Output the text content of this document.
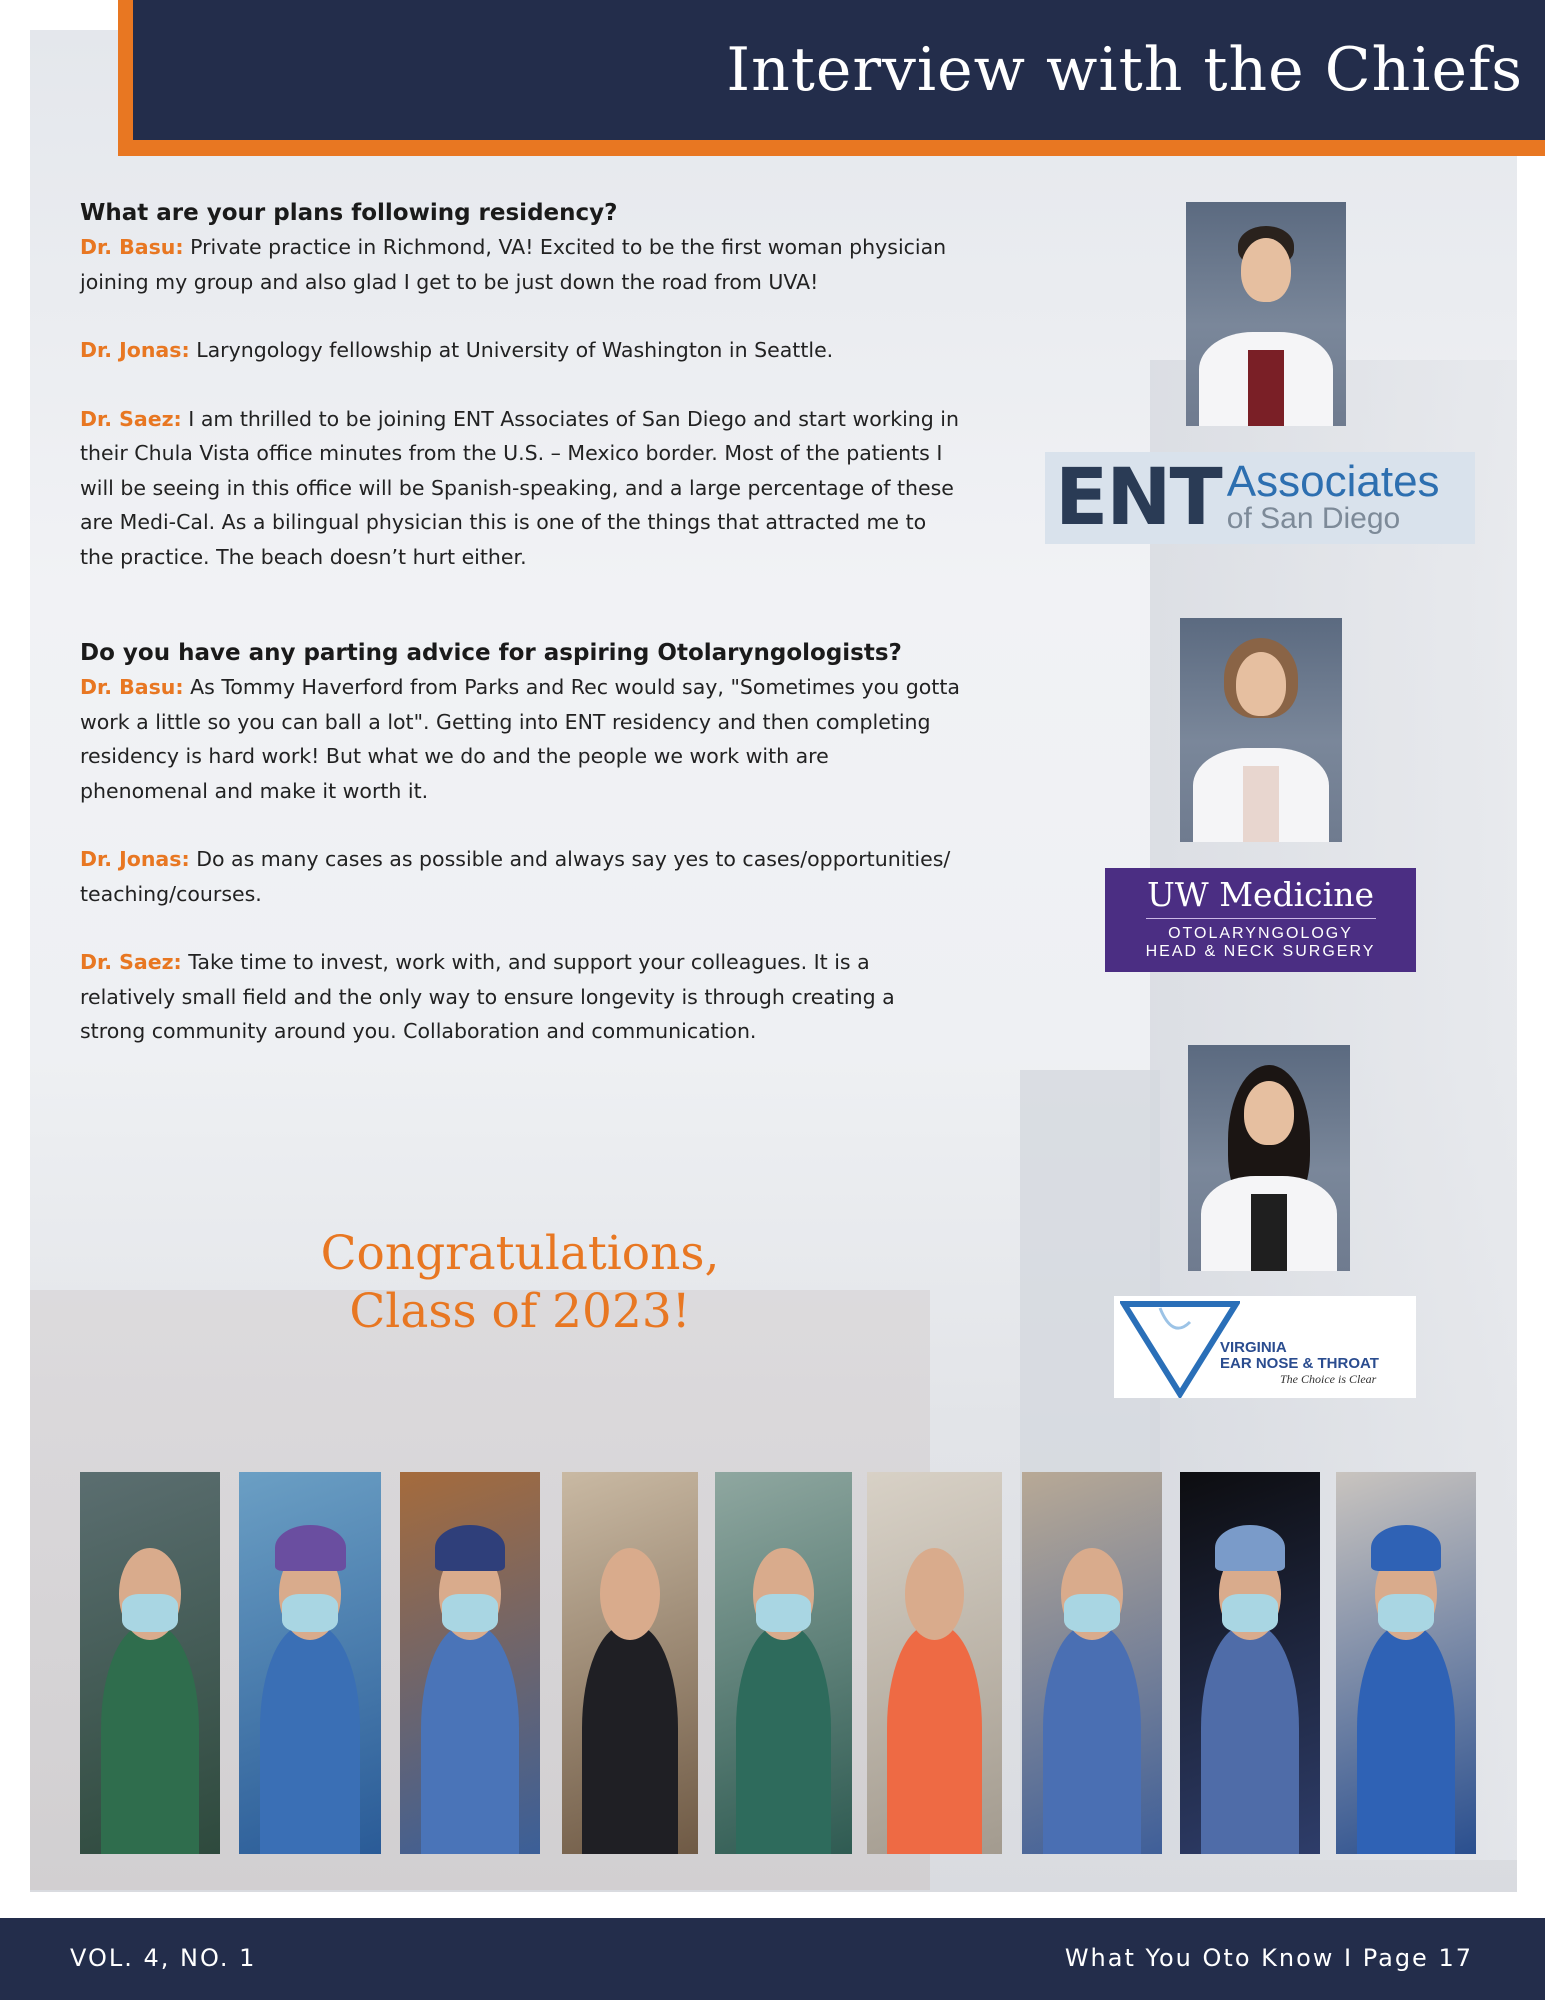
Interview with the Chiefs

What are your plans following residency?

Dr. Basu: Private practice in Richmond, VA! Excited to be the first woman physician joining my group and also glad I get to be just down the road from UVA!

Dr. Jonas: Laryngology fellowship at University of Washington in Seattle.

Dr. Saez: I am thrilled to be joining ENT Associates of San Diego and start working in their Chula Vista office minutes from the U.S. – Mexico border. Most of the patients I will be seeing in this office will be Spanish-speaking, and a large percentage of these are Medi-Cal. As a bilingual physician this is one of the things that attracted me to the practice. The beach doesn’t hurt either.

Do you have any parting advice for aspiring Otolaryngologists?

Dr. Basu: As Tommy Haverford from Parks and Rec would say, "Sometimes you gotta work a little so you can ball a lot". Getting into ENT residency and then completing residency is hard work! But what we do and the people we work with are phenomenal and make it worth it.

Dr. Jonas: Do as many cases as possible and always say yes to cases/opportunities/ teaching/courses.

Dr. Saez: Take time to invest, work with, and support your colleagues. It is a relatively small field and the only way to ensure longevity is through creating a strong community around you. Collaboration and communication.

Congratulations,
Class of 2023!
ENT Associates
of San Diego
UW Medicine
OTOLARYNGOLOGY
HEAD & NECK SURGERY
VIRGINIA
EAR NOSE & THROAT
The Choice is Clear
VOL. 4, NO. 1	What You Oto Know I Page 17
